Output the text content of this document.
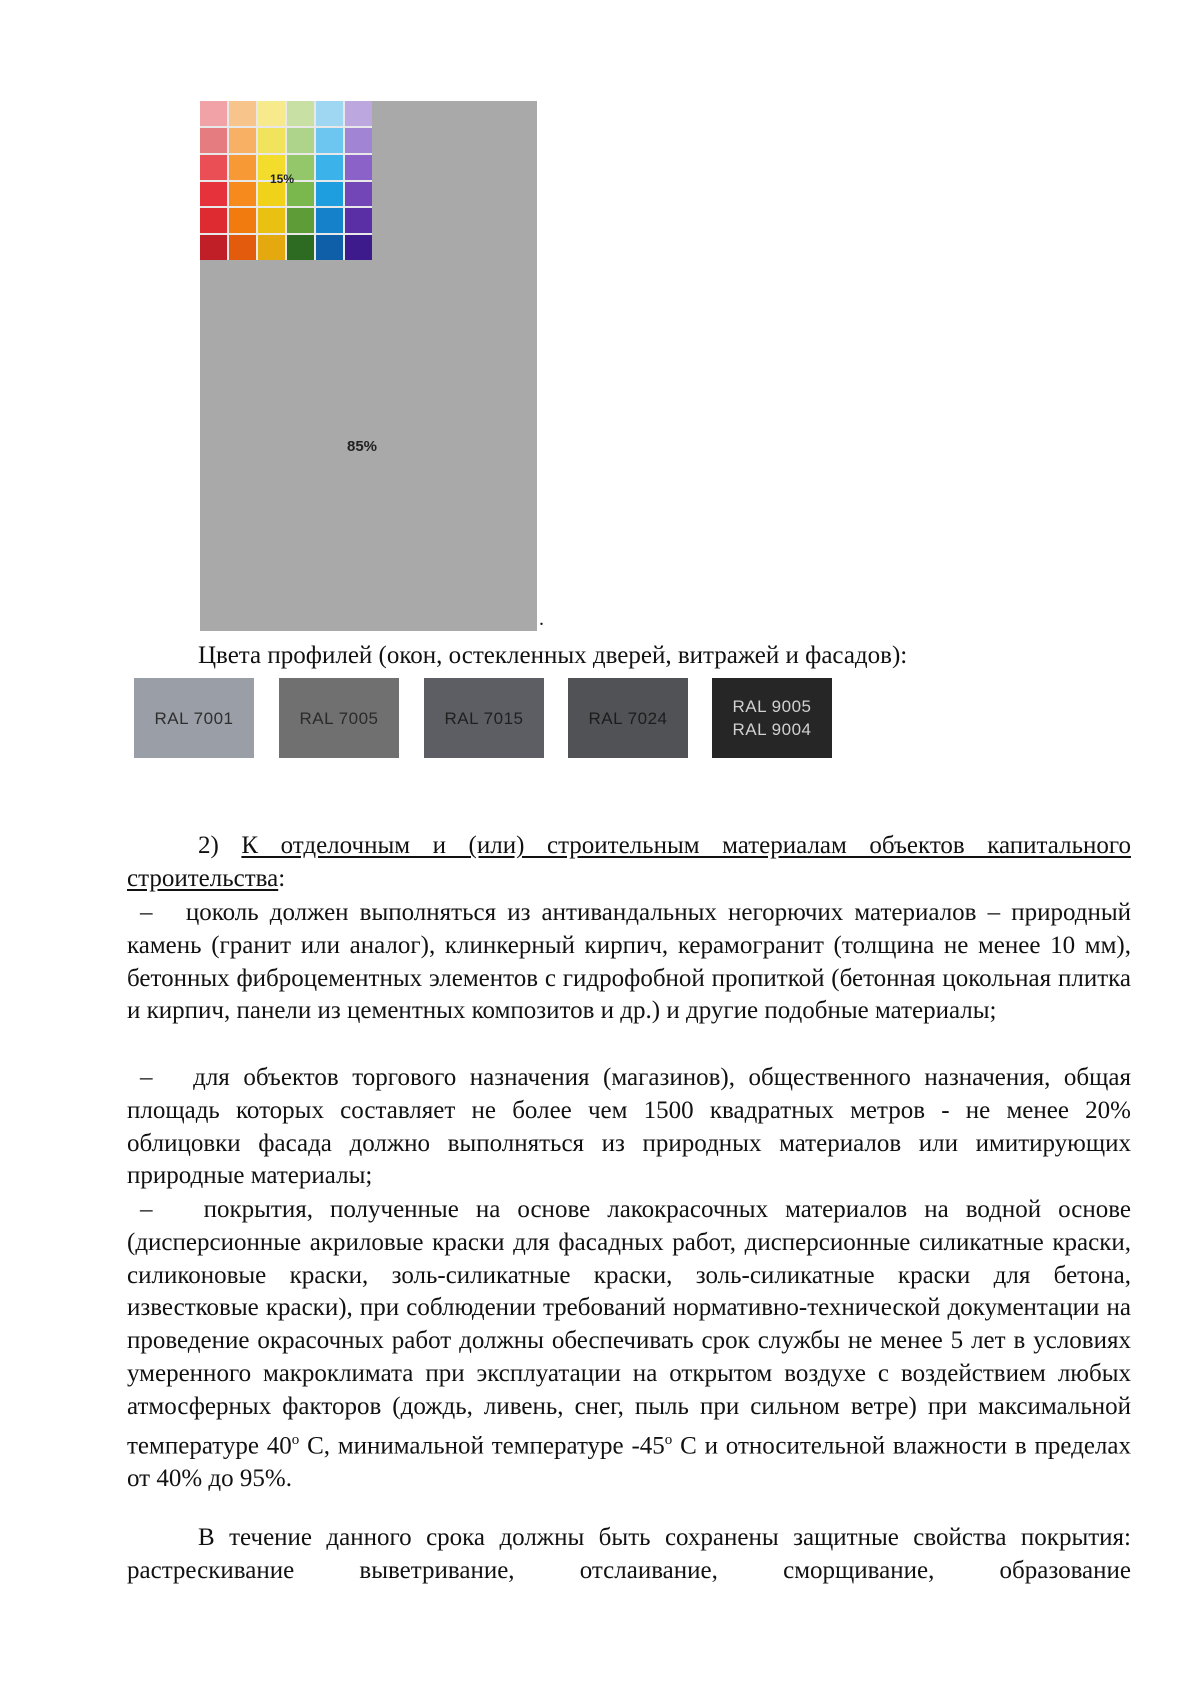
15%
85%
.
Цвета профилей (окон, остекленных дверей, витражей и фасадов):
RAL 7001	RAL 7005	RAL 7015	RAL 7024
RAL 9005
RAL 9004
2) К отделочным и (или) строительным материалам объектов капитального строительства:
– цоколь должен выполняться из антивандальных негорючих материалов – природный камень (гранит или аналог), клинкерный кирпич, керамогранит (толщина не менее 10 мм), бетонных фиброцементных элементов с гидрофобной пропиткой (бетонная цокольная плитка и кирпич, панели из цементных композитов и др.) и другие подобные материалы;
– для объектов торгового назначения (магазинов), общественного назначения, общая площадь которых составляет не более чем 1500 квадратных метров - не менее 20% облицовки фасада должно выполняться из природных материалов или имитирующих природные материалы;
– покрытия, полученные на основе лакокрасочных материалов на водной основе (дисперсионные акриловые краски для фасадных работ, дисперсионные силикатные краски, силиконовые краски, золь-силикатные краски, золь-силикатные краски для бетона, известковые краски), при соблюдении требований нормативно-технической документации на проведение окрасочных работ должны обеспечивать срок службы не менее 5 лет в условиях умеренного макроклимата при эксплуатации на открытом воздухе с воздействием любых атмосферных факторов (дождь, ливень, снег, пыль при сильном ветре) при максимальной температуре 40$^o$ С, минимальной температуре -45$^o$ С и относительной влажности в пределах от 40% до 95%.
В течение данного срока должны быть сохранены защитные свойства покрытия: растрескивание выветривание, отслаивание, сморщивание, образование
